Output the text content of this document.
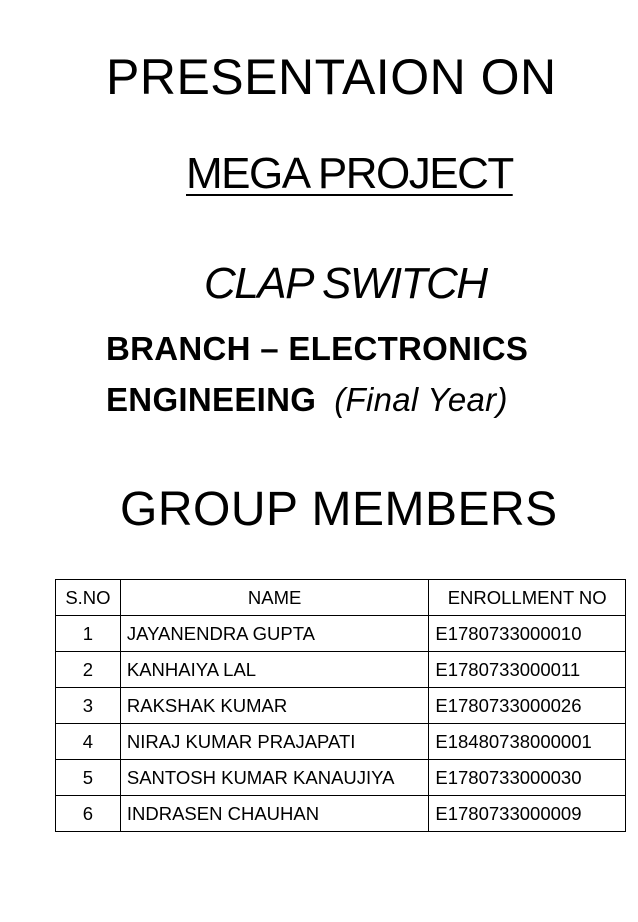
PRESENTAION ON
MEGA PROJECT
CLAP SWITCH
BRANCH – ELECTRONICS
ENGINEEING (Final Year)
GROUP MEMBERS
S.NO	NAME	ENROLLMENT NO
1	JAYANENDRA GUPTA	E1780733000010
2	KANHAIYA LAL	E1780733000011
3	RAKSHAK KUMAR	E1780733000026
4	NIRAJ KUMAR PRAJAPATI	E18480738000001
5	SANTOSH KUMAR KANAUJIYA	E1780733000030
6	INDRASEN CHAUHAN	E1780733000009
